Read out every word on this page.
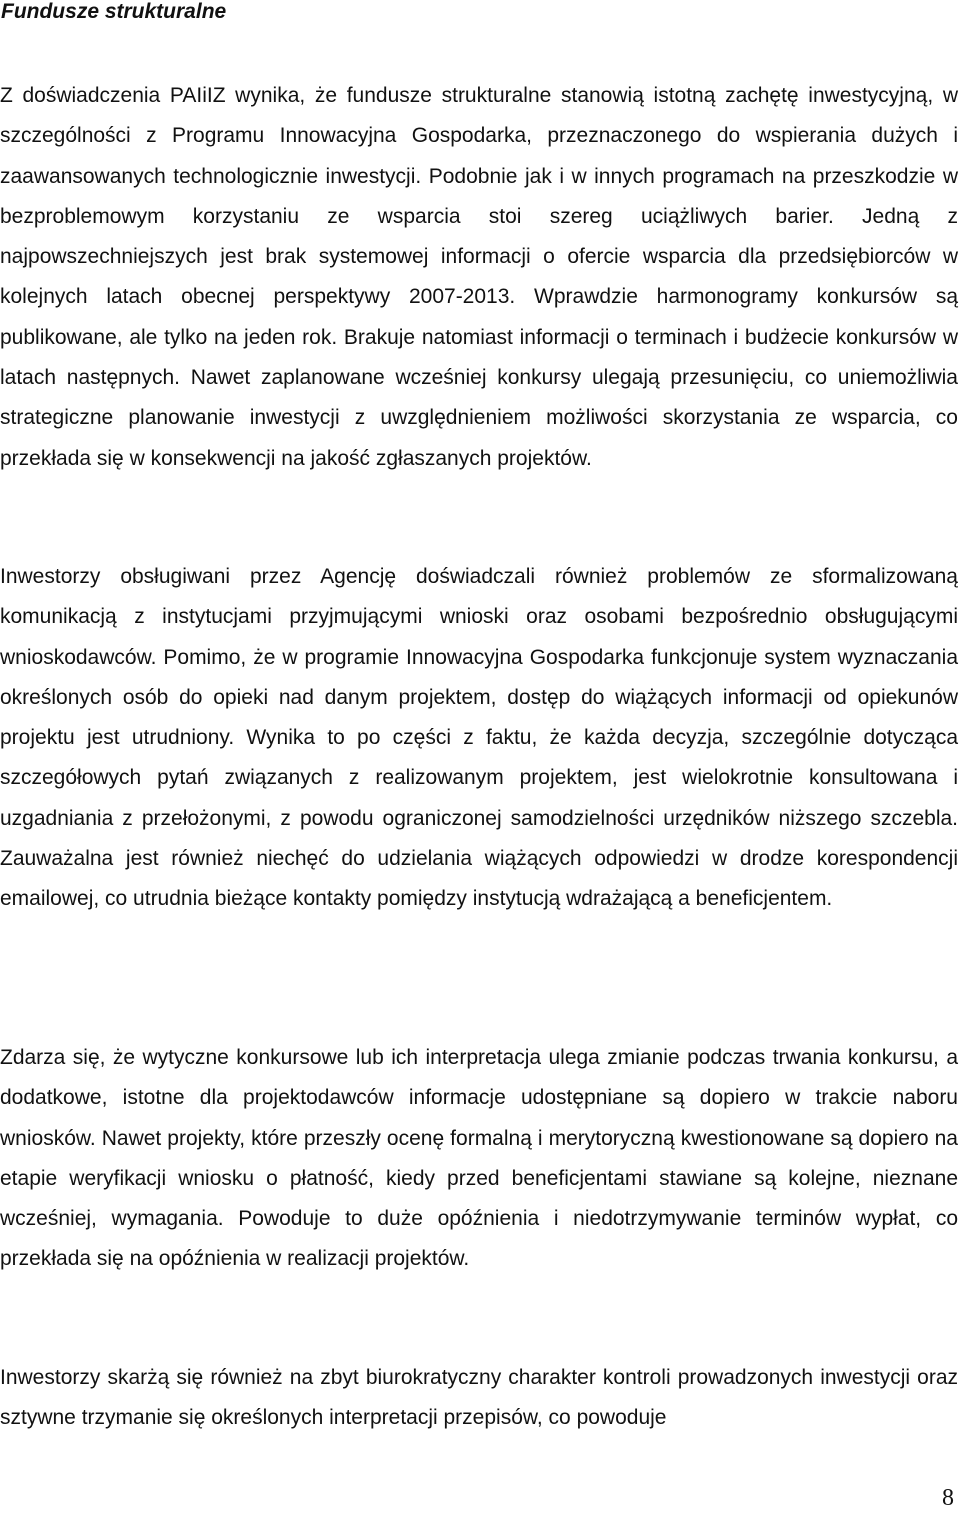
Fundusze strukturalne

Z doświadczenia PAIiIZ wynika, że fundusze strukturalne stanowią istotną zachętę inwestycyjną, w szczególności z Programu Innowacyjna Gospodarka, przeznaczonego do wspierania dużych i zaawansowanych technologicznie inwestycji. Podobnie jak i w innych programach na przeszkodzie w bezproblemowym korzystaniu ze wsparcia stoi szereg uciążliwych barier. Jedną z najpowszechniejszych jest brak systemowej informacji o ofercie wsparcia dla przedsiębiorców w kolejnych latach obecnej perspektywy 2007-2013. Wprawdzie harmonogramy konkursów są publikowane, ale tylko na jeden rok. Brakuje natomiast informacji o terminach i budżecie konkursów w latach następnych. Nawet zaplanowane wcześniej konkursy ulegają przesunięciu, co uniemożliwia strategiczne planowanie inwestycji z uwzględnieniem możliwości skorzystania ze wsparcia, co przekłada się w konsekwencji na jakość zgłaszanych projektów.

Inwestorzy obsługiwani przez Agencję doświadczali również problemów ze sformalizowaną komunikacją z instytucjami przyjmującymi wnioski oraz osobami bezpośrednio obsługującymi wnioskodawców. Pomimo, że w programie Innowacyjna Gospodarka funkcjonuje system wyznaczania określonych osób do opieki nad danym projektem, dostęp do wiążących informacji od opiekunów projektu jest utrudniony. Wynika to po części z faktu, że każda decyzja, szczególnie dotycząca szczegółowych pytań związanych z realizowanym projektem, jest wielokrotnie konsultowana i uzgadniania z przełożonymi, z powodu ograniczonej samodzielności urzędników niższego szczebla. Zauważalna jest również niechęć do udzielania wiążących odpowiedzi w drodze korespondencji emailowej, co utrudnia bieżące kontakty pomiędzy instytucją wdrażającą a beneficjentem.

Zdarza się, że wytyczne konkursowe lub ich interpretacja ulega zmianie podczas trwania konkursu, a dodatkowe, istotne dla projektodawców informacje udostępniane są dopiero w trakcie naboru wniosków. Nawet projekty, które przeszły ocenę formalną i merytoryczną kwestionowane są dopiero na etapie weryfikacji wniosku o płatność, kiedy przed beneficjentami stawiane są kolejne, nieznane wcześniej, wymagania. Powoduje to duże opóźnienia i niedotrzymywanie terminów wypłat, co przekłada się na opóźnienia w realizacji projektów.

Inwestorzy skarżą się również na zbyt biurokratyczny charakter kontroli prowadzonych inwestycji oraz sztywne trzymanie się określonych interpretacji przepisów, co powoduje

8
